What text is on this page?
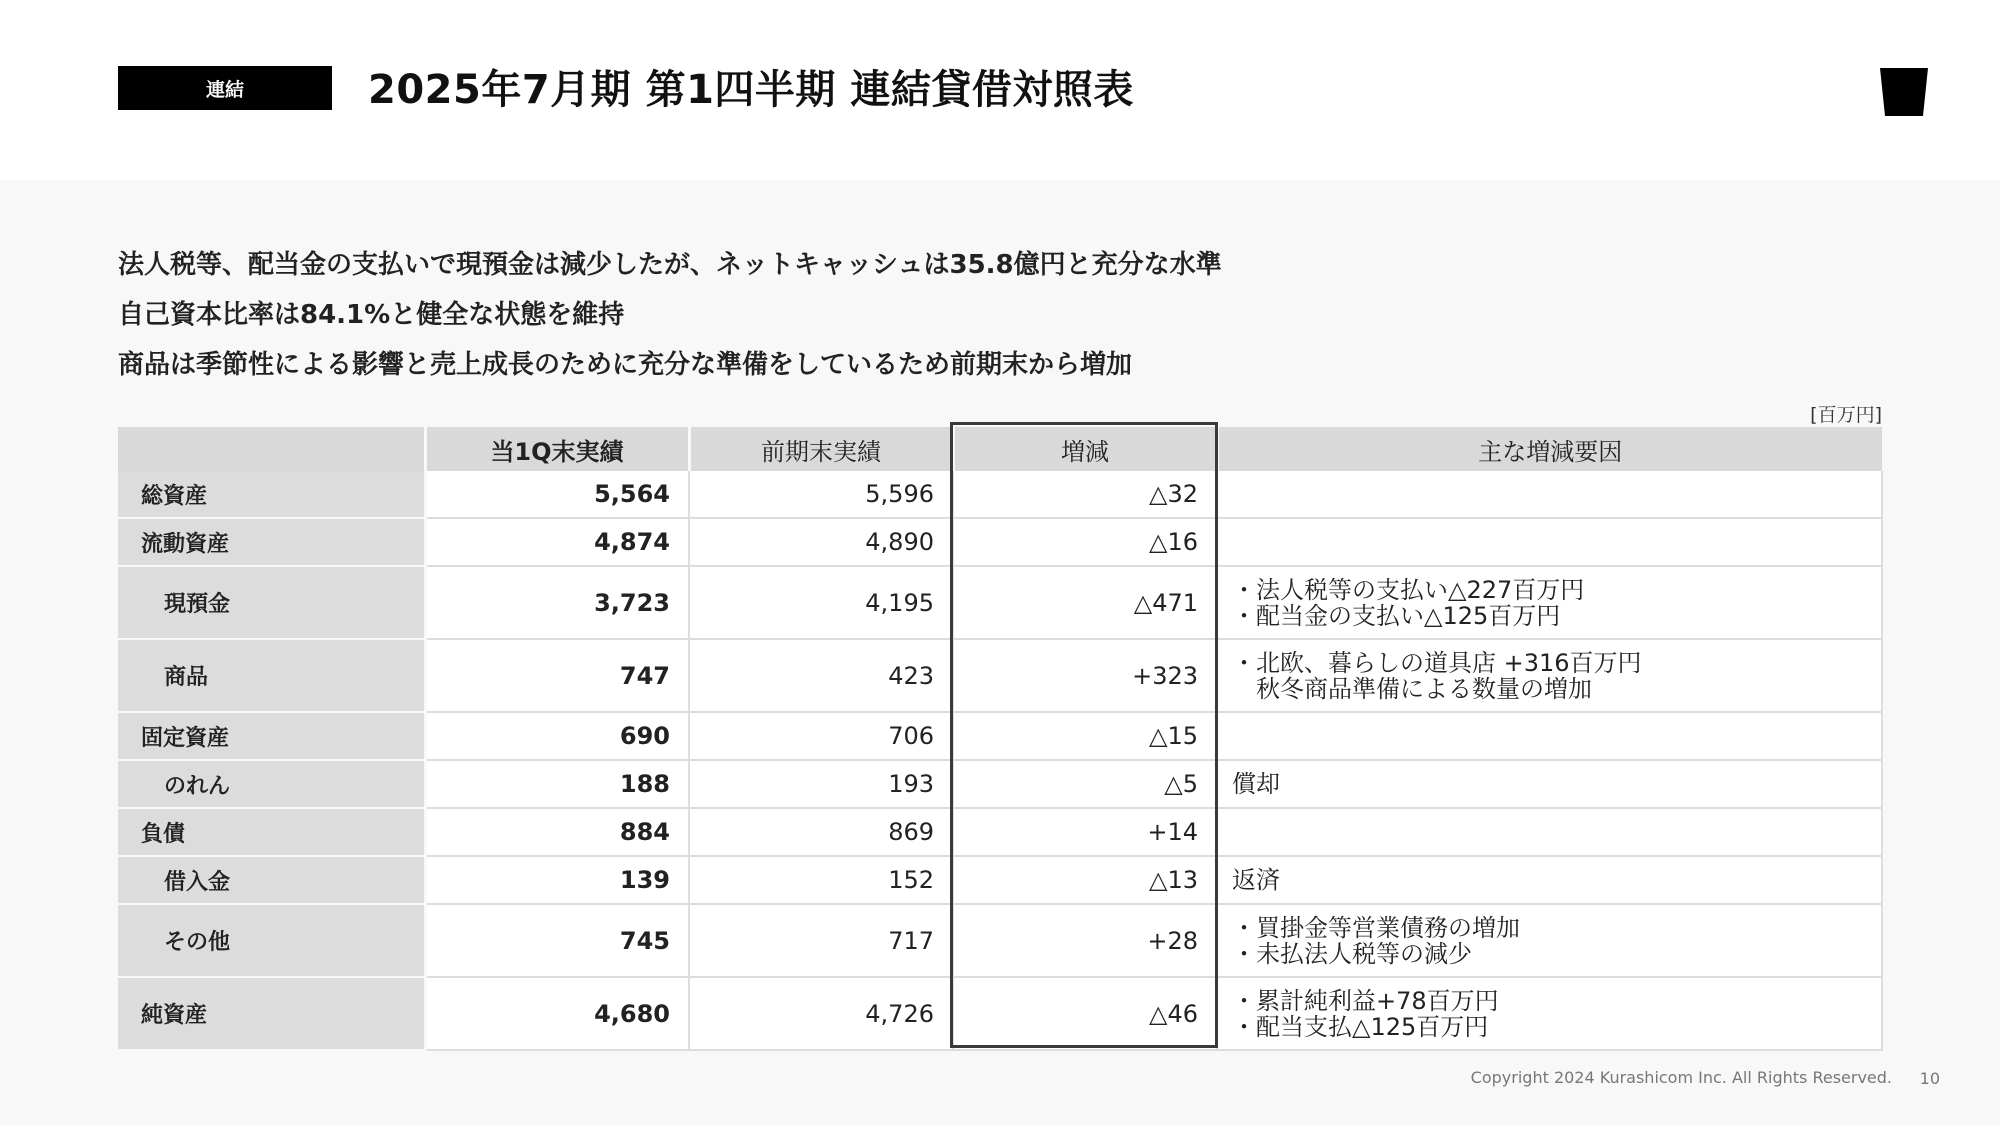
連結	2025年7月期 第1四半期 連結貸借対照表
法人税等、配当金の支払いで現預金は減少したが、ネットキャッシュは35.8億円と充分な水準
自己資本比率は84.1%と健全な状態を維持
商品は季節性による影響と売上成長のために充分な準備をしているため前期末から増加
[百万円]
	当1Q末実績	前期末実績	増減	主な増減要因
総資産	5,564	5,596	△32	
流動資産	4,874	4,890	△16	
現預金	3,723	4,195	△471	・法人税等の支払い△227百万円
・配当金の支払い△125百万円

商品	747	423	+323	・北欧、暮らしの道具店 +316百万円
　秋冬商品準備による数量の増加

固定資産	690	706	△15	
のれん	188	193	△5	償却

負債	884	869	+14	
借入金	139	152	△13	返済

その他	745	717	+28	・買掛金等営業債務の増加
・未払法人税等の減少

純資産	4,680	4,726	△46	・累計純利益+78百万円
・配当支払△125百万円
Copyright 2024 Kurashicom Inc. All Rights Reserved. 10
